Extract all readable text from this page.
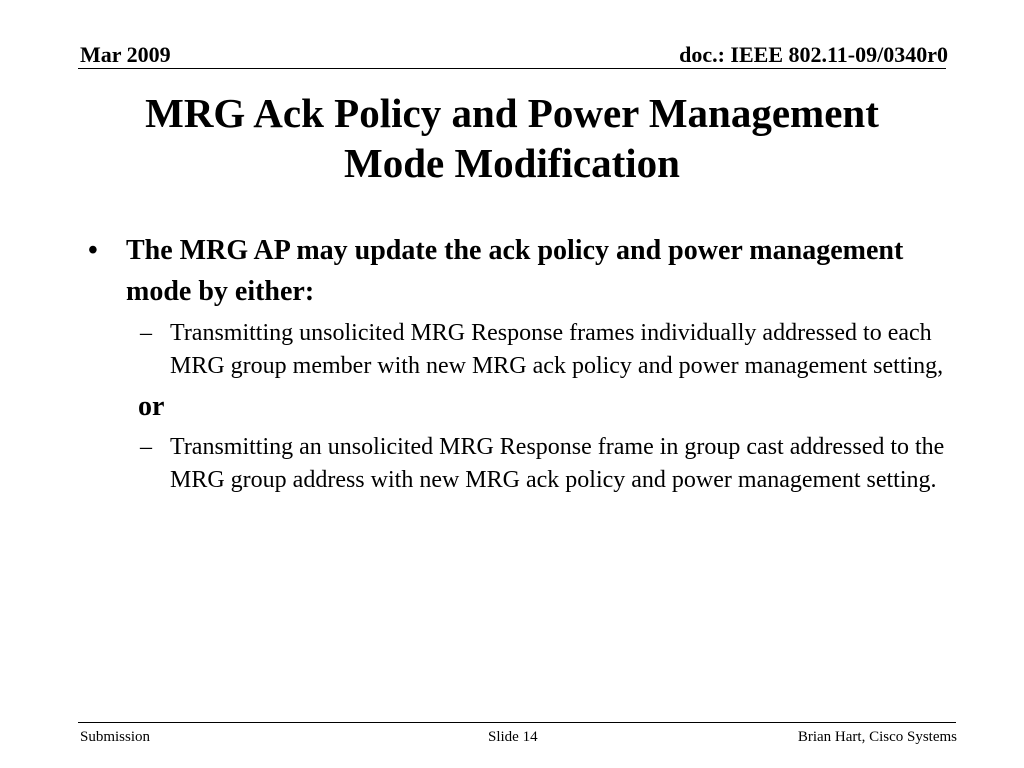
Mar 2009	doc.: IEEE 802.11-09/0340r0
MRG Ack Policy and Power Management
Mode Modification
• The MRG AP may update the ack policy and power management mode by either:
– Transmitting unsolicited MRG Response frames individually addressed to each MRG group member with new MRG ack policy and power management setting,
or
– Transmitting an unsolicited MRG Response frame in group cast addressed to the MRG group address with new MRG ack policy and power management setting.
Submission	Slide 14	Brian Hart, Cisco Systems
